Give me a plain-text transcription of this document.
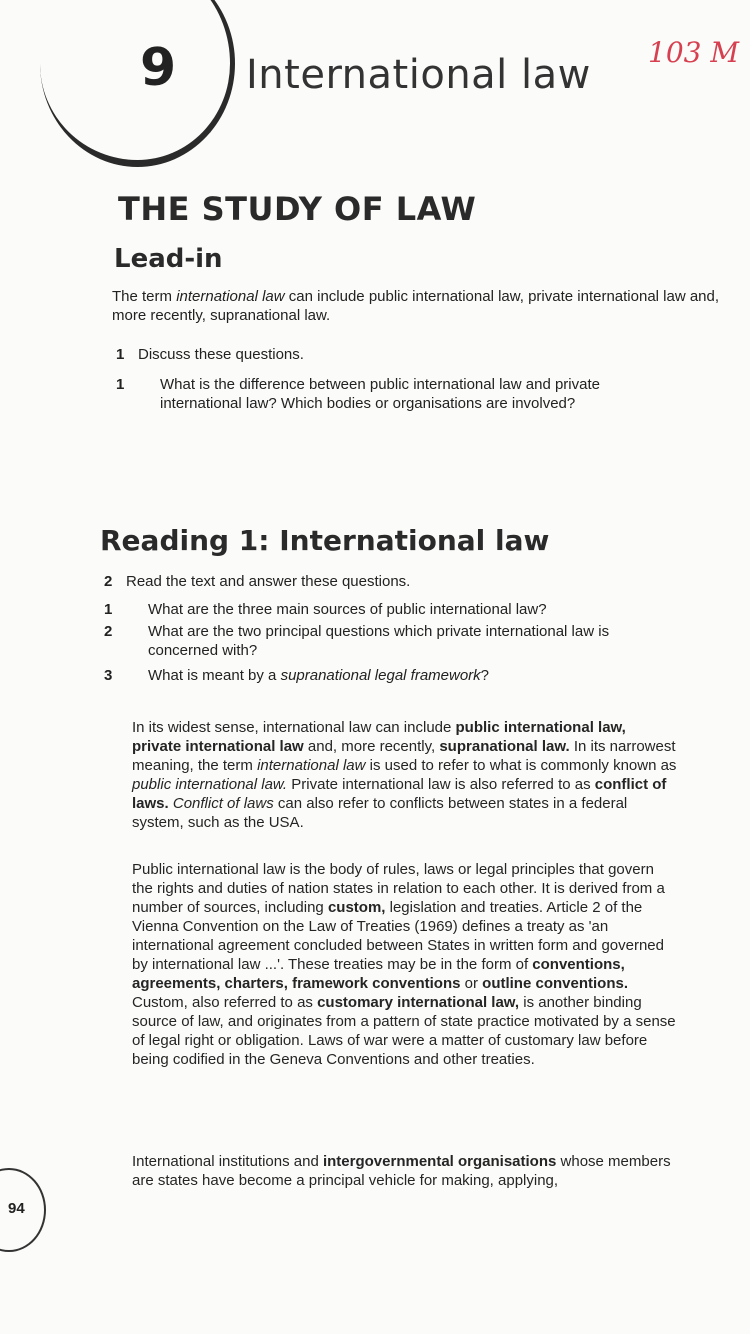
9 International law 103 M
THE STUDY OF LAW
Lead-in
The term international law can include public international law, private international law and, more recently, supranational law.
1 Discuss these questions.
1 What is the difference between public international law and private international law? Which bodies or organisations are involved?
Reading 1: International law
2 Read the text and answer these questions.
1 What are the three main sources of public international law?
2 What are the two principal questions which private international law is concerned with?
3 What is meant by a supranational legal framework?

In its widest sense, international law can include public international law, private international law and, more recently, supranational law. In its narrowest meaning, the term international law is used to refer to what is commonly known as public international law. Private international law is also referred to as conflict of laws. Conflict of laws can also refer to conflicts between states in a federal system, such as the USA.

Public international law is the body of rules, laws or legal principles that govern the rights and duties of nation states in relation to each other. It is derived from a number of sources, including custom, legislation and treaties. Article 2 of the Vienna Convention on the Law of Treaties (1969) defines a treaty as 'an international agreement concluded between States in written form and governed by international law ...'. These treaties may be in the form of conventions, agreements, charters, framework conventions or outline conventions. Custom, also referred to as customary international law, is another binding source of law, and originates from a pattern of state practice motivated by a sense of legal right or obligation. Laws of war were a matter of customary law before being codified in the Geneva Conventions and other treaties.

International institutions and intergovernmental organisations whose members are states have become a principal vehicle for making, applying,

94
